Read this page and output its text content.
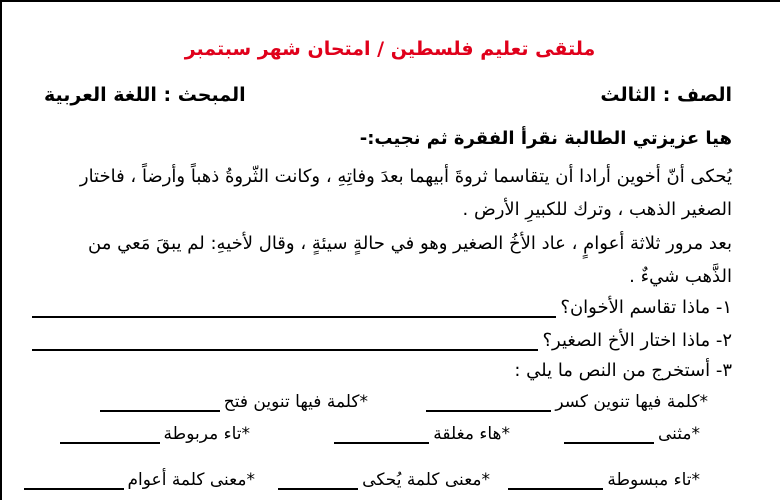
ملتقى تعليم فلسطين / امتحان شهر سبتمبر
الصف : الثالث
المبحث : اللغة العربية
هيا عزيزتي الطالبة نقرأ الفقرة ثم نجيب:-
يُحكى أنّ أخوين أرادا أن يتقاسما ثروةَ أبيهما بعدَ وفاتِهِ ، وكانت الثّروةُ ذهباً وأرضاً ، فاختار الصغير الذهب ، وترك للكبيرِ الأرض .
بعد مرور ثلاثة أعوامٍ ، عاد الأخُ الصغير وهو في حالةٍ سيئةٍ ، وقال لأخيهِ: لم يبقَ مَعي من الذَّهب شيءٌ .
١- ماذا تقاسم الأخوان؟
٢- ماذا اختار الأخ الصغير؟
٣- أستخرج من النص ما يلي :
*كلمة فيها تنوين كسر
*كلمة فيها تنوين فتح
*مثنى
*هاء مغلقة
*تاء مربوطة
*تاء مبسوطة
*معنى كلمة يُحكى
*معنى كلمة أعوام
